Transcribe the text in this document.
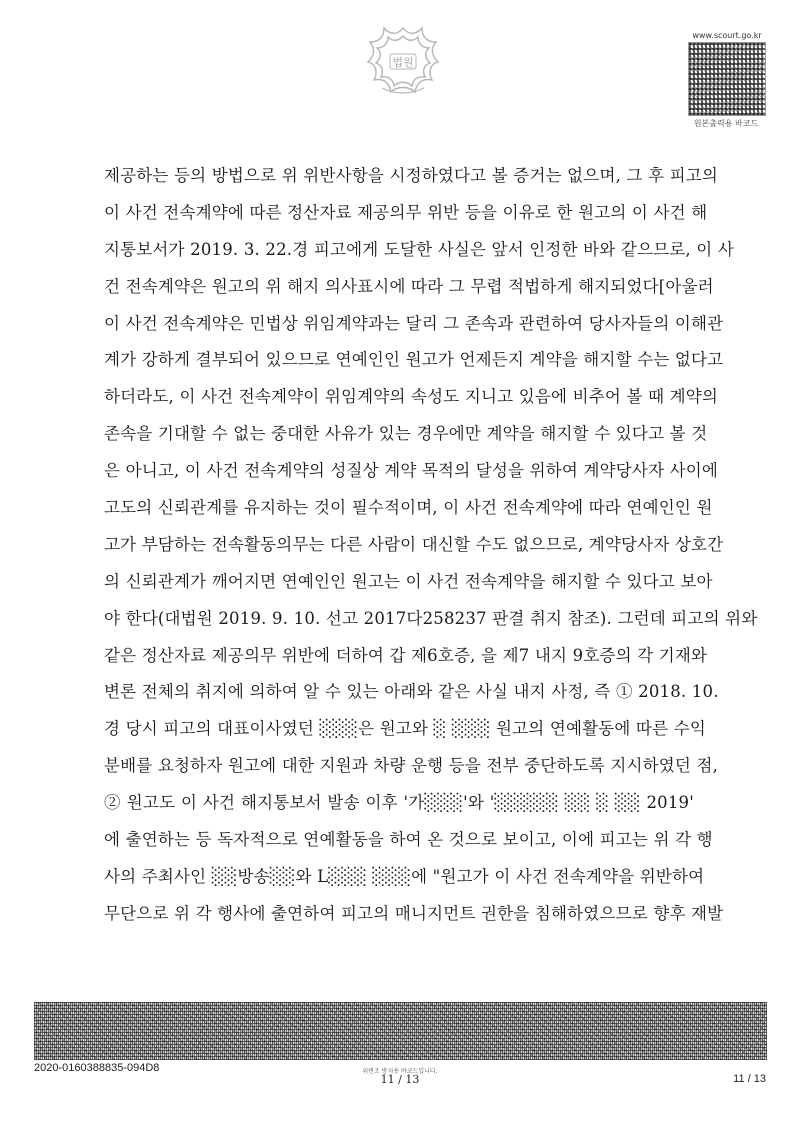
법원
www.scourt.go.kr
원본출력용 바코드
제공하는 등의 방법으로 위 위반사항을 시정하였다고 볼 증거는 없으며, 그 후 피고의
이 사건 전속계약에 따른 정산자료 제공의무 위반 등을 이유로 한 원고의 이 사건 해
지통보서가 2019. 3. 22.경 피고에게 도달한 사실은 앞서 인정한 바와 같으므로, 이 사
건 전속계약은 원고의 위 해지 의사표시에 따라 그 무렵 적법하게 해지되었다[아울러
이 사건 전속계약은 민법상 위임계약과는 달리 그 존속과 관련하여 당사자들의 이해관
계가 강하게 결부되어 있으므로 연예인인 원고가 언제든지 계약을 해지할 수는 없다고
하더라도, 이 사건 전속계약이 위임계약의 속성도 지니고 있음에 비추어 볼 때 계약의
존속을 기대할 수 없는 중대한 사유가 있는 경우에만 계약을 해지할 수 있다고 볼 것
은 아니고, 이 사건 전속계약의 성질상 계약 목적의 달성을 위하여 계약당사자 사이에
고도의 신뢰관계를 유지하는 것이 필수적이며, 이 사건 전속계약에 따라 연예인인 원
고가 부담하는 전속활동의무는 다른 사람이 대신할 수도 없으므로, 계약당사자 상호간
의 신뢰관계가 깨어지면 연예인인 원고는 이 사건 전속계약을 해지할 수 있다고 보아
야 한다(대법원 2019. 9. 10. 선고 2017다258237 판결 취지 참조). 그런데 피고의 위와
같은 정산자료 제공의무 위반에 더하여 갑 제6호증, 을 제7 내지 9호증의 각 기재와
변론 전체의 취지에 의하여 알 수 있는 아래와 같은 사실 내지 사정, 즉 ① 2018. 10.
경 당시 피고의 대표이사였던 ░░░은 원고와 ░ ░░░ 원고의 연예활동에 따른 수익
분배를 요청하자 원고에 대한 지원과 차량 운행 등을 전부 중단하도록 지시하였던 점,
② 원고도 이 사건 해지통보서 발송 이후 '가░░░'와 '░░░░░ ░░ ░ ░░ 2019'
에 출연하는 등 독자적으로 연예활동을 하여 온 것으로 보이고, 이에 피고는 위 각 행
사의 주최사인 ░░방송░░와 L░░░ ░░░에 "원고가 이 사건 전속계약을 위반하여
무단으로 위 각 행사에 출연하여 피고의 매니지먼트 권한을 침해하였으므로 향후 재발
2020-0160388835-094D8	위변조 방지용 바코드입니다.
11 / 13	11 / 13
